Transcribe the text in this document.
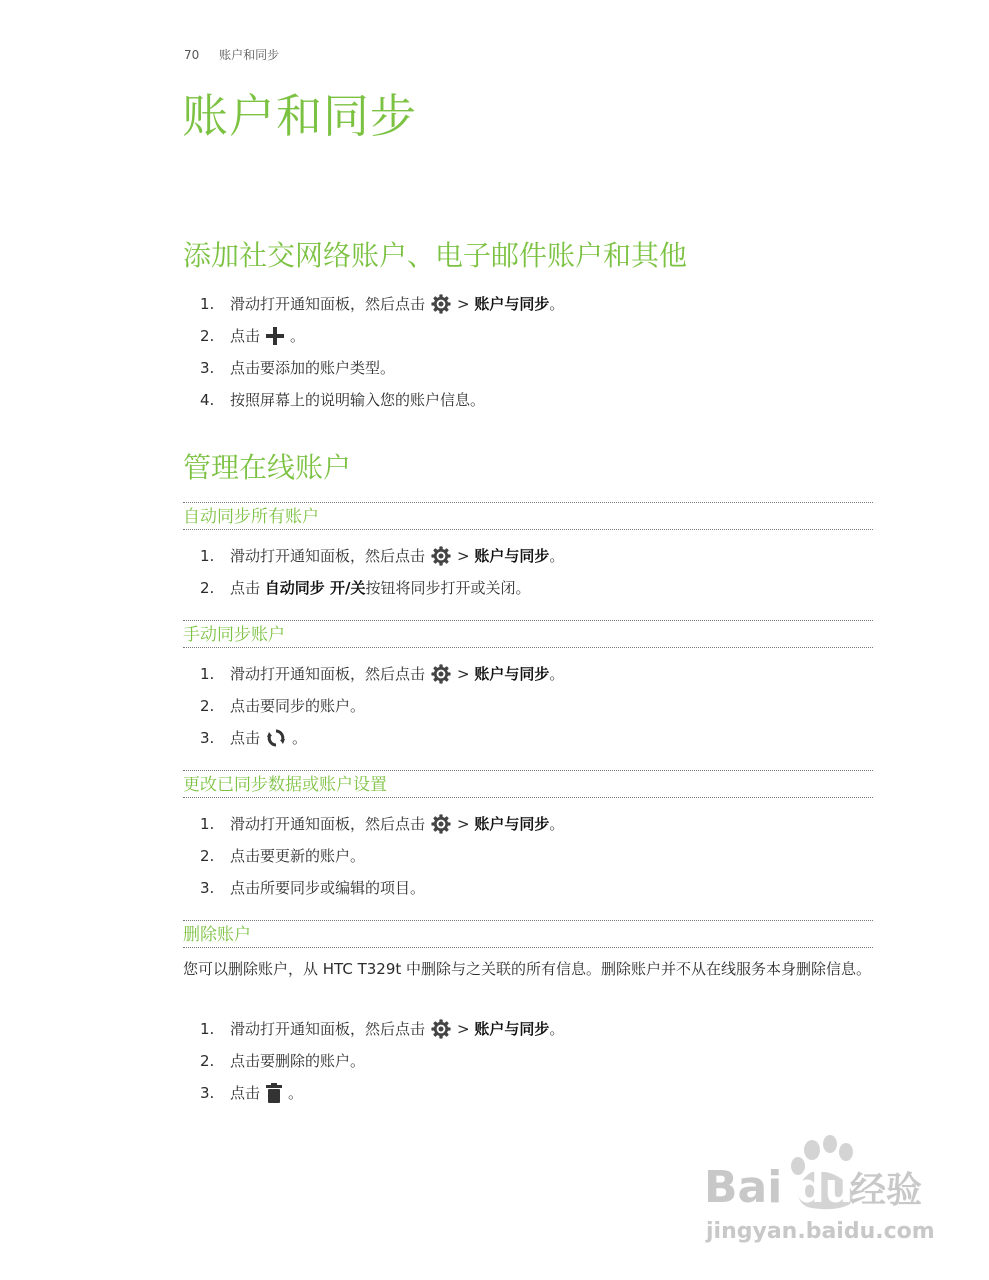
70 账户和同步
账户和同步
添加社交网络账户、电子邮件账户和其他
1.	滑动打开通知面板，然后点击 >
账户与同步 。
2.	点击 。
3.	点击要添加的账户类型。
4.	按照屏幕上的说明输入您的账户信息。
管理在线账户
自动同步所有账户
1.	滑动打开通知面板，然后点击 >
账户与同步 。
2.	点击
自动同步 开/关 按钮将同步打开或关闭。
手动同步账户
1.	滑动打开通知面板，然后点击 >
账户与同步 。
2.	点击要同步的账户。
3.	点击 。
更改已同步数据或账户设置
1.	滑动打开通知面板，然后点击 >
账户与同步 。
2.	点击要更新的账户。
3.	点击所要同步或编辑的项目。
删除账户
您可以删除账户，从 HTC T329t 中删除与之关联的所有信息。删除账户并不从在线服务本身删除信息。
1.	滑动打开通知面板，然后点击 >
账户与同步 。
2.	点击要删除的账户。
3.	点击 。
Bai du
经验
jingyan.baidu.com
